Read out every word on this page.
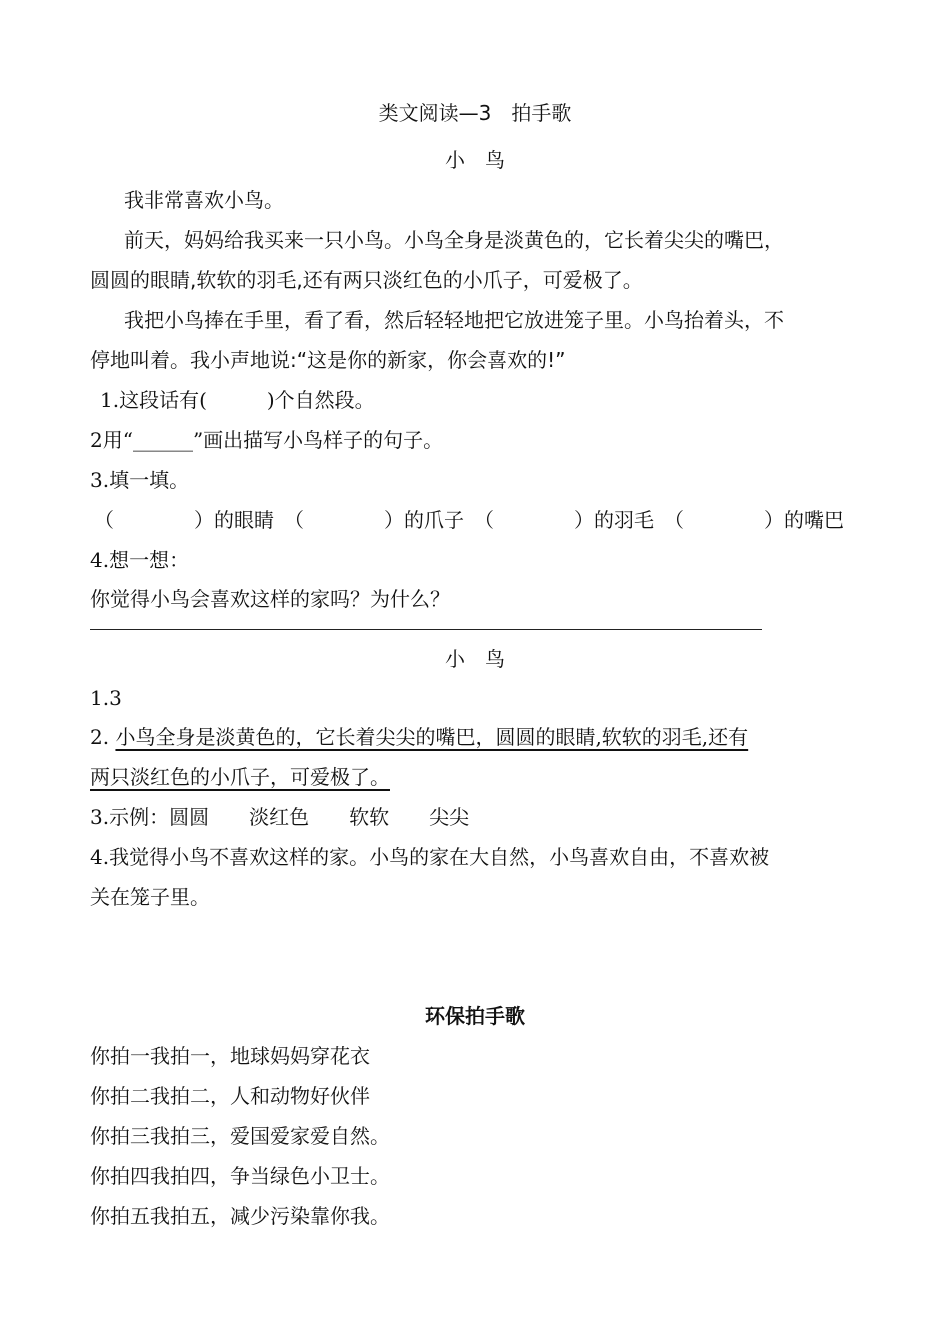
类文阅读—3　拍手歌
小　鸟
我非常喜欢小鸟。
前天，妈妈给我买来一只小鸟。小鸟全身是淡黄色的，它长着尖尖的嘴巴，
圆圆的眼睛,软软的羽毛,还有两只淡红色的小爪子，可爱极了。
我把小鸟捧在手里，看了看，然后轻轻地把它放进笼子里。小鸟抬着头，不
停地叫着。我小声地说:“这是你的新家，你会喜欢的!”
1.这段话有(　　　)个自然段。
2用“______”画出描写小鸟样子的句子。
3.填一填。
（　　　　）的眼睛 （　　　　）的爪子 （　　　　）的羽毛 （　　　　）的嘴巴
4.想一想：
你觉得小鸟会喜欢这样的家吗？为什么？
小　鸟
1.3
2. 小鸟全身是淡黄色的，它长着尖尖的嘴巴，圆圆的眼睛,软软的羽毛,还有
两只淡红色的小爪子，可爱极了。
3.示例：圆圆　　淡红色　　软软　　尖尖
4.我觉得小鸟不喜欢这样的家。小鸟的家在大自然，小鸟喜欢自由，不喜欢被
关在笼子里。
环保拍手歌
你拍一我拍一，地球妈妈穿花衣
你拍二我拍二，人和动物好伙伴
你拍三我拍三，爱国爱家爱自然。
你拍四我拍四，争当绿色小卫士。
你拍五我拍五，减少污染靠你我。
